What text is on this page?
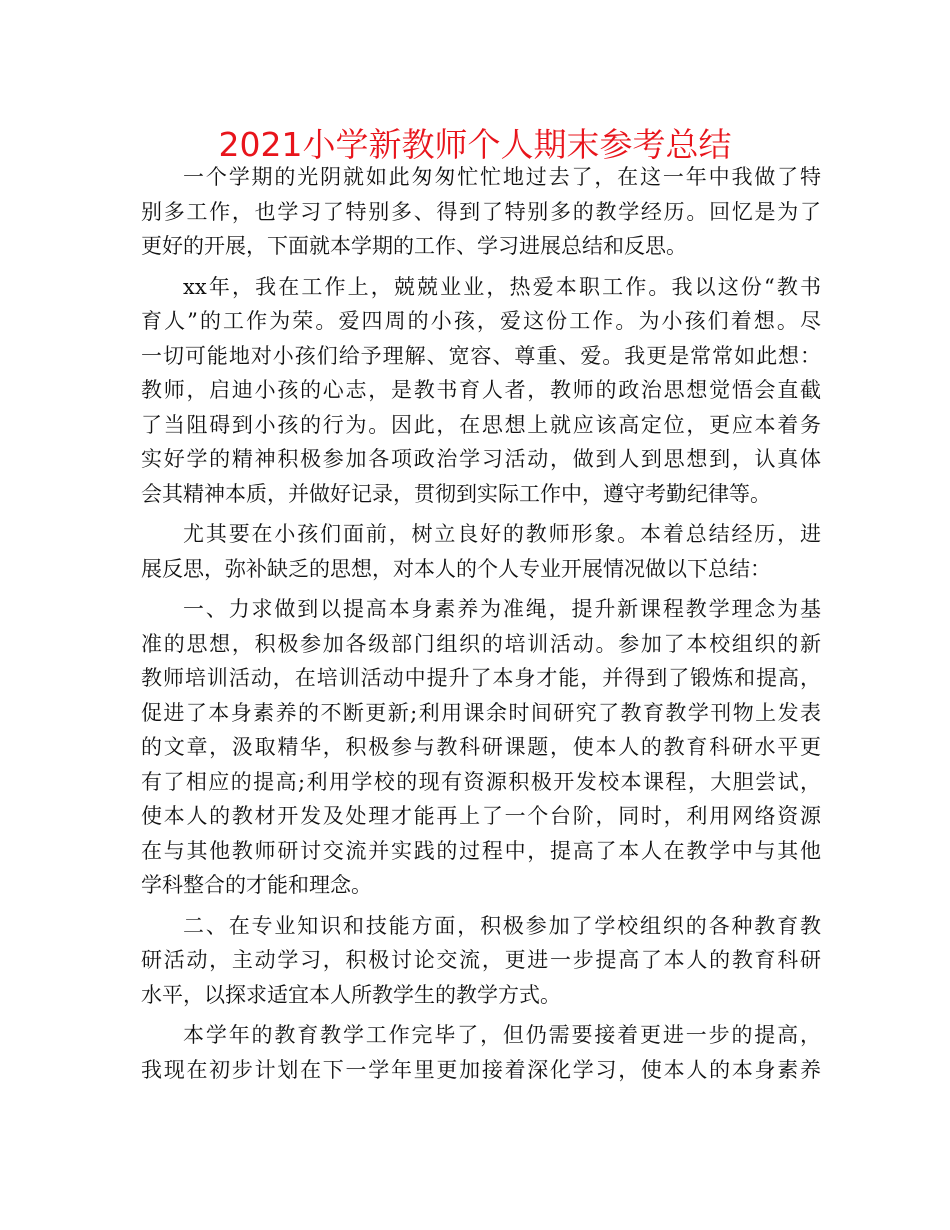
2021小学新教师个人期末参考总结
一个学期的光阴就如此匆匆忙忙地过去了，在这一年中我做了特
别多工作，也学习了特别多、得到了特别多的教学经历。回忆是为了
更好的开展，下面就本学期的工作、学习进展总结和反思。
xx年，我在工作上，兢兢业业，热爱本职工作。我以这份“教书
育人”的工作为荣。爱四周的小孩，爱这份工作。为小孩们着想。尽
一切可能地对小孩们给予理解、宽容、尊重、爱。我更是常常如此想：
教师，启迪小孩的心志，是教书育人者，教师的政治思想觉悟会直截
了当阻碍到小孩的行为。因此，在思想上就应该高定位，更应本着务
实好学的精神积极参加各项政治学习活动，做到人到思想到，认真体
会其精神本质，并做好记录，贯彻到实际工作中，遵守考勤纪律等。
尤其要在小孩们面前，树立良好的教师形象。本着总结经历，进
展反思，弥补缺乏的思想，对本人的个人专业开展情况做以下总结：
一、力求做到以提高本身素养为准绳，提升新课程教学理念为基
准的思想，积极参加各级部门组织的培训活动。参加了本校组织的新
教师培训活动，在培训活动中提升了本身才能，并得到了锻炼和提高，
促进了本身素养的不断更新;利用课余时间研究了教育教学刊物上发表
的文章，汲取精华，积极参与教科研课题，使本人的教育科研水平更
有了相应的提高;利用学校的现有资源积极开发校本课程，大胆尝试，
使本人的教材开发及处理才能再上了一个台阶，同时，利用网络资源
在与其他教师研讨交流并实践的过程中，提高了本人在教学中与其他
学科整合的才能和理念。
二、在专业知识和技能方面，积极参加了学校组织的各种教育教
研活动，主动学习，积极讨论交流，更进一步提高了本人的教育科研
水平，以探求适宜本人所教学生的教学方式。
本学年的教育教学工作完毕了，但仍需要接着更进一步的提高，
我现在初步计划在下一学年里更加接着深化学习，使本人的本身素养
